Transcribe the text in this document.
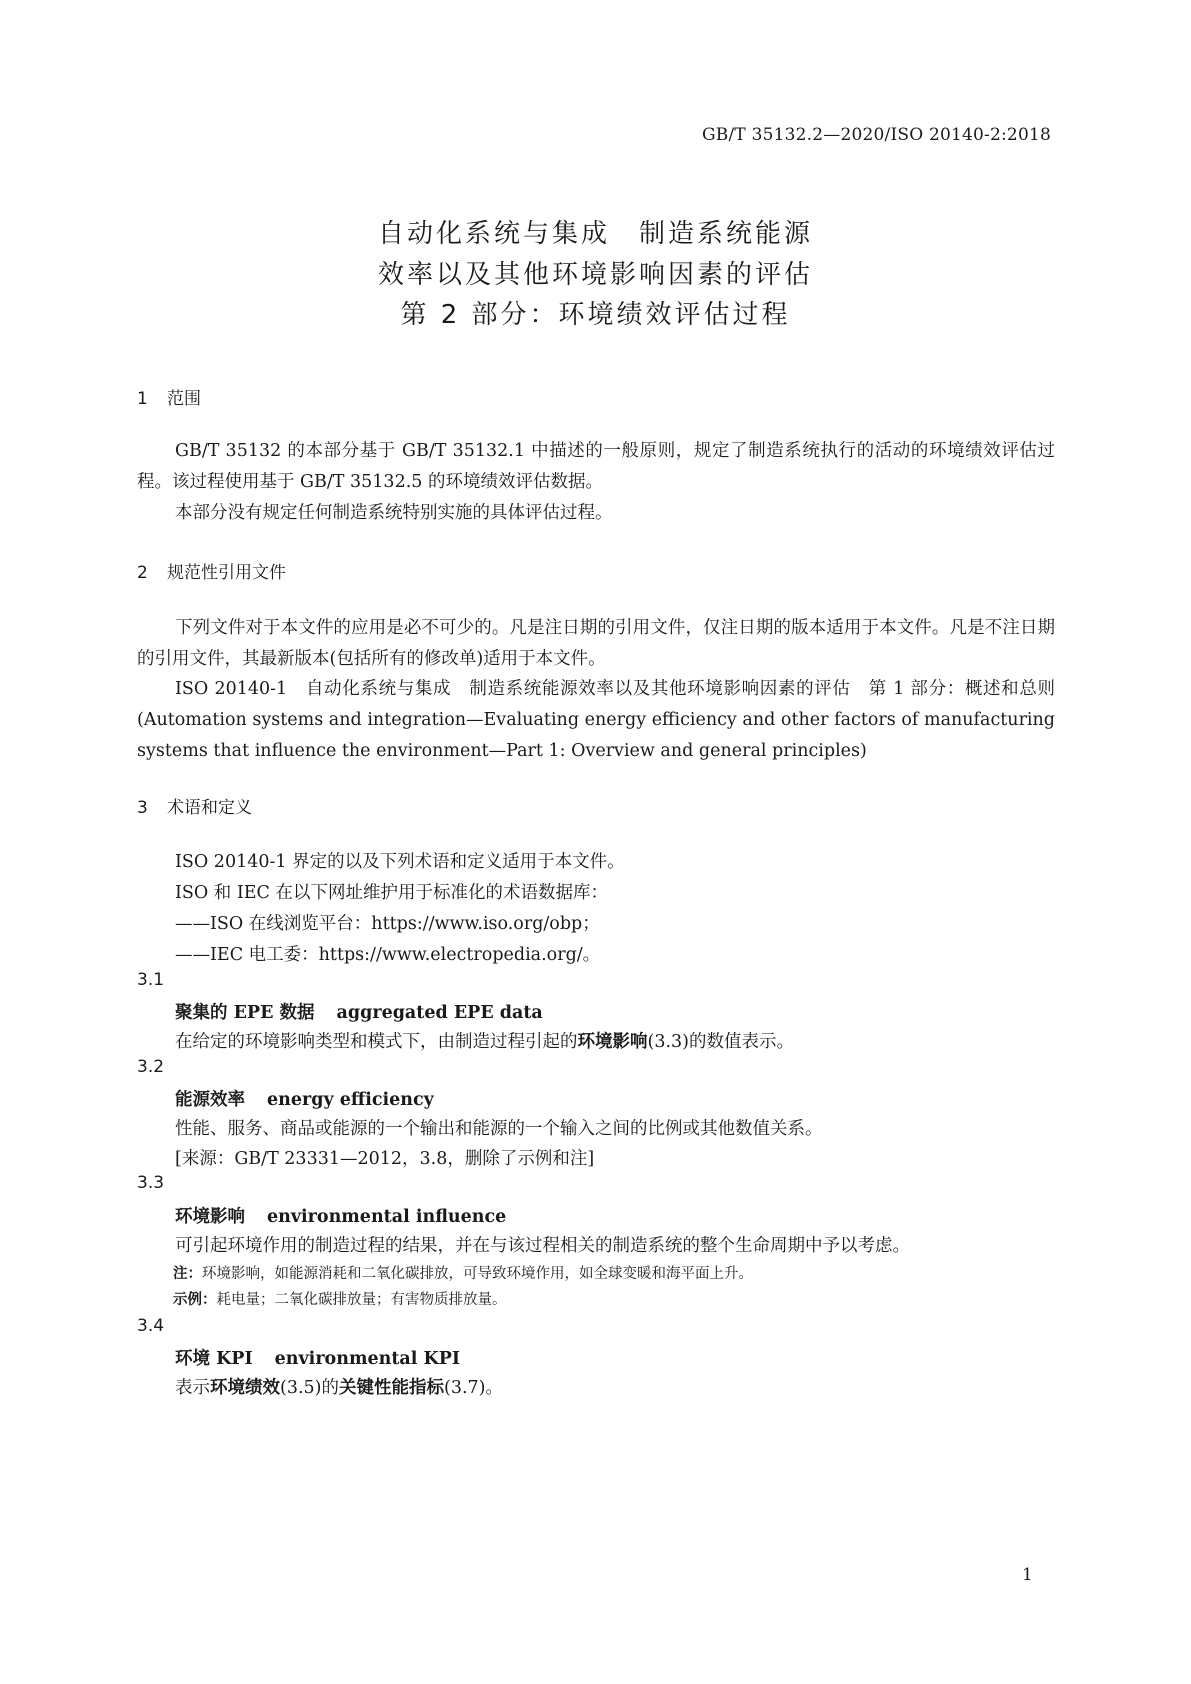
GB/T 35132.2—2020/ISO 20140-2:2018
自动化系统与集成　制造系统能源
效率以及其他环境影响因素的评估
第 2 部分：环境绩效评估过程
1 范围
GB/T 35132 的本部分基于 GB/T 35132.1 中描述的一般原则，规定了制造系统执行的活动的环境绩效评估过程。该过程使用基于 GB/T 35132.5 的环境绩效评估数据。
本部分没有规定任何制造系统特别实施的具体评估过程。
2 规范性引用文件
下列文件对于本文件的应用是必不可少的。凡是注日期的引用文件，仅注日期的版本适用于本文件。凡是不注日期的引用文件，其最新版本(包括所有的修改单)适用于本文件。
ISO 20140-1　自动化系统与集成　制造系统能源效率以及其他环境影响因素的评估　第 1 部分：概述和总则(Automation systems and integration—Evaluating energy efficiency and other factors of manufacturing systems that influence the environment—Part 1: Overview and general principles)
3 术语和定义
ISO 20140-1 界定的以及下列术语和定义适用于本文件。
ISO 和 IEC 在以下网址维护用于标准化的术语数据库：
——ISO 在线浏览平台：https://www.iso.org/obp；
——IEC 电工委：https://www.electropedia.org/。
3.1
聚集的 EPE 数据 aggregated EPE data
在给定的环境影响类型和模式下，由制造过程引起的环境影响(3.3)的数值表示。
3.2
能源效率 energy efficiency
性能、服务、商品或能源的一个输出和能源的一个输入之间的比例或其他数值关系。
[来源：GB/T 23331—2012，3.8，删除了示例和注]
3.3
环境影响 environmental influence
可引起环境作用的制造过程的结果，并在与该过程相关的制造系统的整个生命周期中予以考虑。
注：环境影响，如能源消耗和二氧化碳排放，可导致环境作用，如全球变暖和海平面上升。
示例：耗电量；二氧化碳排放量；有害物质排放量。
3.4
环境 KPI environmental KPI
表示环境绩效(3.5)的关键性能指标(3.7)。
1
